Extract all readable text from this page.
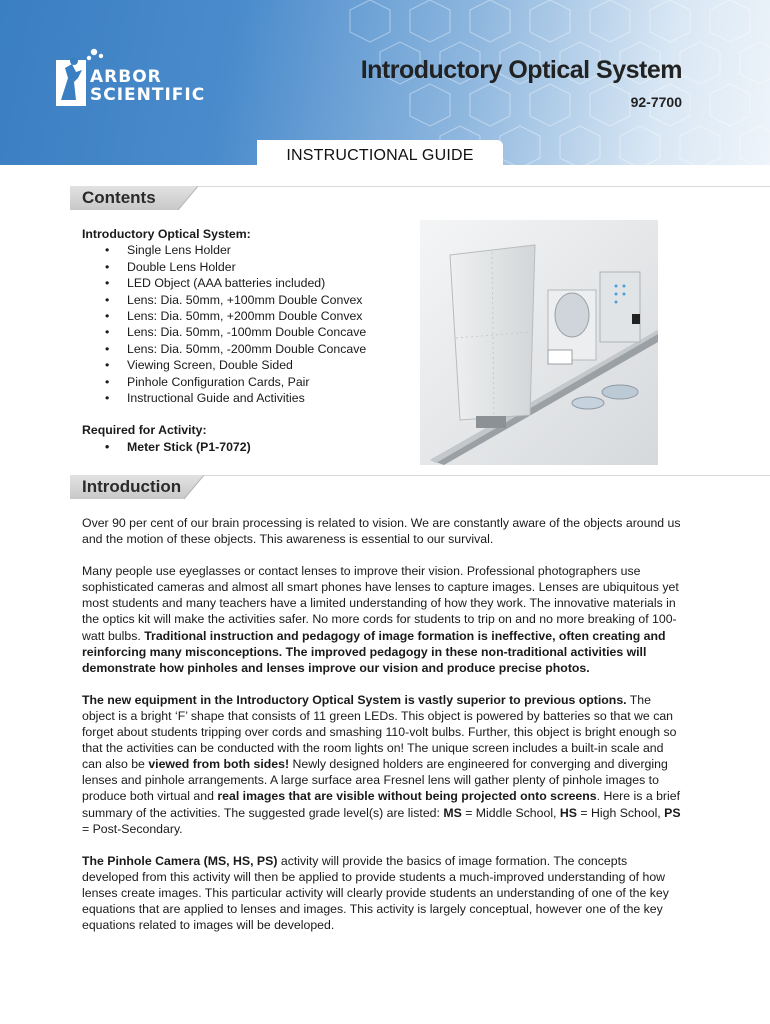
ARBOR
SCIENTIFIC
Introductory Optical System
92-7700
INSTRUCTIONAL GUIDE
Contents
Introductory Optical System:
• Single Lens Holder
• Double Lens Holder
• LED Object (AAA batteries included)
• Lens: Dia. 50mm, +100mm Double Convex
• Lens: Dia. 50mm, +200mm Double Convex
• Lens: Dia. 50mm, -100mm Double Concave
• Lens: Dia. 50mm, -200mm Double Concave
• Viewing Screen, Double Sided
• Pinhole Configuration Cards, Pair
• Instructional Guide and Activities
Required for Activity:
• Meter Stick (P1-7072)
Introduction

Over 90 per cent of our brain processing is related to vision. We are constantly aware of the objects around us and the motion of these objects. This awareness is essential to our survival.

Many people use eyeglasses or contact lenses to improve their vision. Professional photographers use sophisticated cameras and almost all smart phones have lenses to capture images. Lenses are ubiquitous yet most students and many teachers have a limited understanding of how they work. The innovative materials in the optics kit will make the activities safer. No more cords for students to trip on and no more breaking of 100-watt bulbs. Traditional instruction and pedagogy of image formation is ineffective, often creating and reinforcing many misconceptions. The improved pedagogy in these non-traditional activities will demonstrate how pinholes and lenses improve our vision and produce precise photos.

The new equipment in the Introductory Optical System is vastly superior to previous options. The object is a bright ‘F’ shape that consists of 11 green LEDs. This object is powered by batteries so that we can forget about students tripping over cords and smashing 110-volt bulbs. Further, this object is bright enough so that the activities can be conducted with the room lights on! The unique screen includes a built-in scale and can also be viewed from both sides! Newly designed holders are engineered for converging and diverging lenses and pinhole arrangements. A large surface area Fresnel lens will gather plenty of pinhole images to produce both virtual and real images that are visible without being projected onto screens. Here is a brief summary of the activities. The suggested grade level(s) are listed: MS = Middle School, HS = High School, PS = Post-Secondary.

The Pinhole Camera (MS, HS, PS) activity will provide the basics of image formation. The concepts developed from this activity will then be applied to provide students a much-improved understanding of how lenses create images. This particular activity will clearly provide students an understanding of one of the key equations that are applied to lenses and images. This activity is largely conceptual, however one of the key equations related to images will be developed.
